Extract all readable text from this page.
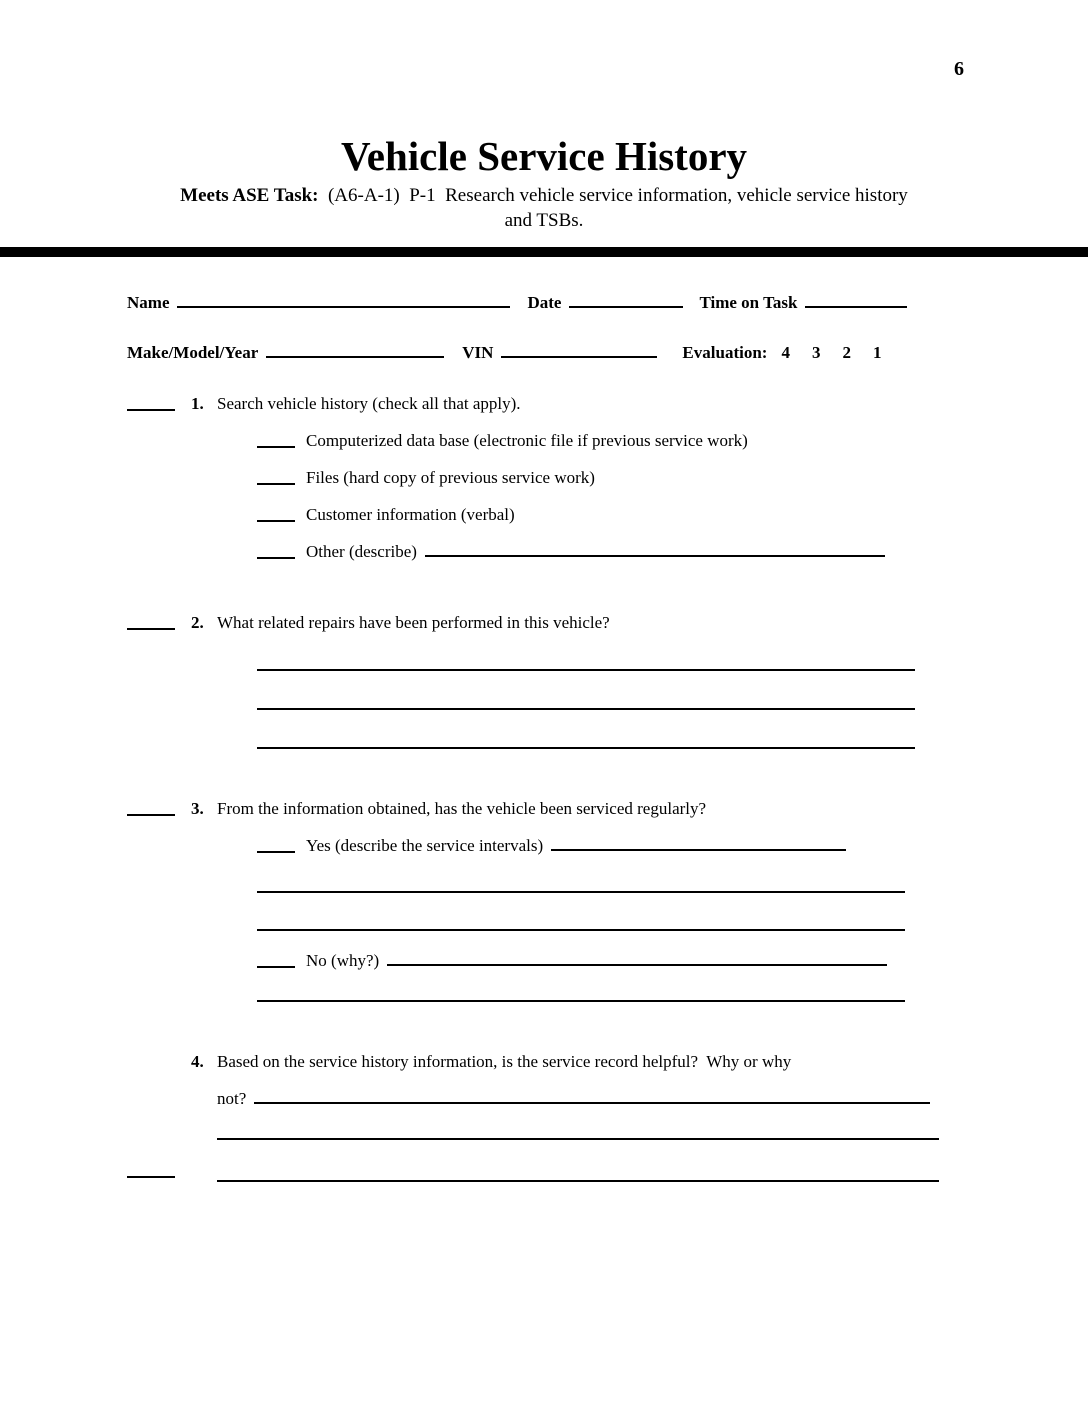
6
Vehicle Service History

Meets ASE Task: (A6-A-1)  P-1  Research vehicle service information, vehicle service history
and TSBs.

Name	Date	Time on Task
Make/Model/Year	VIN	Evaluation: 4 3 2 1
1. Search vehicle history (check all that apply).
Computerized data base (electronic file if previous service work)
Files (hard copy of previous service work)
Customer information (verbal)
Other (describe)
2. What related repairs have been performed in this vehicle?
3. From the information obtained, has the vehicle been serviced regularly?
Yes (describe the service intervals)
No (why?)
4. Based on the service history information, is the service record helpful?  Why or why
not?
